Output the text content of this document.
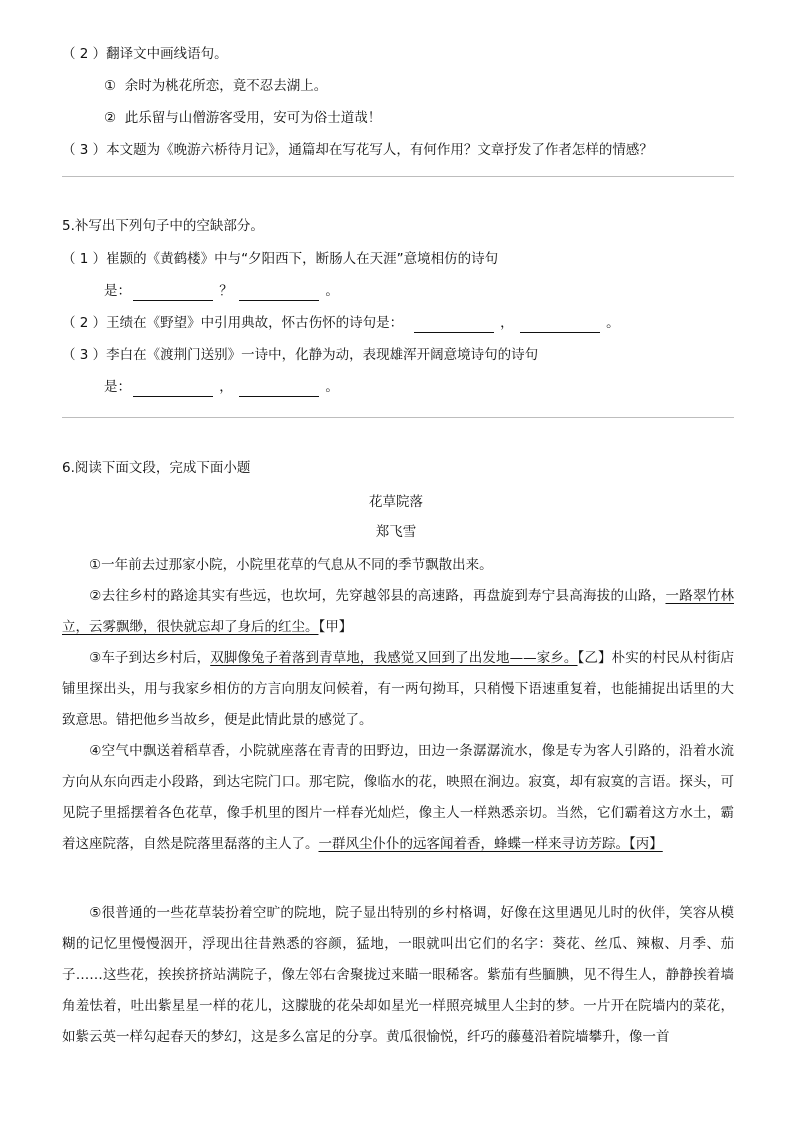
（ 2 ）翻译文中画线语句。
① 余时为桃花所恋，竟不忍去湖上。
② 此乐留与山僧游客受用，安可为俗士道哉！
（ 3 ）本文题为《晚游六桥待月记》，通篇却在写花写人，有何作用？文章抒发了作者怎样的情感？
5.补写出下列句子中的空缺部分。
（ 1 ）崔颢的《黄鹤楼》中与“夕阳西下，断肠人在天涯”意境相仿的诗句
是：	？	。
（ 2 ）王绩在《野望》中引用典故，怀古伤怀的诗句是：	，	。
（ 3 ）李白在《渡荆门送别》一诗中，化静为动，表现雄浑开阔意境诗句的诗句
是：	，	。
6.阅读下面文段，完成下面小题
花草院落
郑飞雪
  ①一年前去过那家小院，小院里花草的气息从不同的季节飘散出来。
  ②去往乡村的路途其实有些远，也坎坷，先穿越邻县的高速路，再盘旋到寿宁县高海拔的山路，一路翠竹林立，云雾飘缈，很快就忘却了身后的红尘。【甲】
  ③车子到达乡村后，双脚像兔子着落到青草地，我感觉又回到了出发地——家乡。【乙】朴实的村民从村街店铺里探出头，用与我家乡相仿的方言向朋友问候着，有一两句拗耳，只稍慢下语速重复着，也能捕捉出话里的大致意思。错把他乡当故乡，便是此情此景的感觉了。
  ④空气中飘送着稻草香，小院就座落在青青的田野边，田边一条潺潺流水，像是专为客人引路的，沿着水流方向从东向西走小段路，到达宅院门口。那宅院，像临水的花，映照在涧边。寂寞，却有寂寞的言语。探头，可见院子里摇摆着各色花草，像手机里的图片一样春光灿烂，像主人一样熟悉亲切。当然，它们霸着这方水土，霸着这座院落，自然是院落里磊落的主人了。一群风尘仆仆的远客闻着香，蜂蝶一样来寻访芳踪。【丙】
  ⑤很普通的一些花草装扮着空旷的院地，院子显出特别的乡村格调，好像在这里遇见儿时的伙伴，笑容从模糊的记忆里慢慢洇开，浮现出往昔熟悉的容颜，猛地，一眼就叫出它们的名字：葵花、丝瓜、辣椒、月季、茄子……这些花，挨挨挤挤站满院子，像左邻右舍聚拢过来瞄一眼稀客。紫茄有些腼腆，见不得生人，静静挨着墙角羞怯着，吐出紫星星一样的花儿，这朦胧的花朵却如星光一样照亮城里人尘封的梦。一片开在院墙内的菜花，如紫云英一样勾起春天的梦幻，这是多么富足的分享。黄瓜很愉悦，纤巧的藤蔓沿着院墙攀升，像一首
